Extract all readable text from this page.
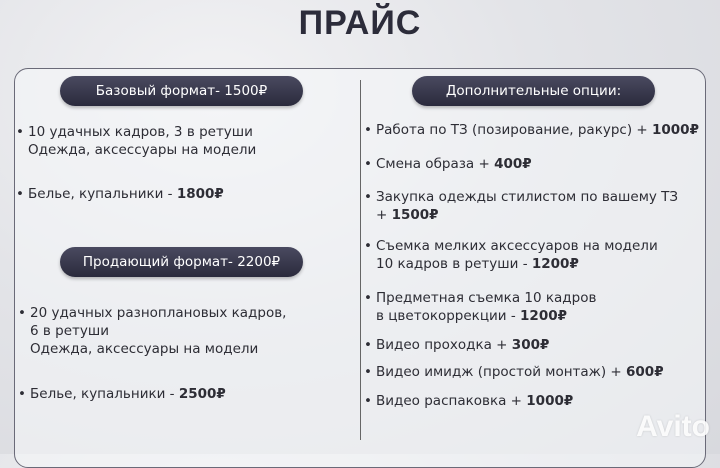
ПРАЙС
Базовый формат- 1500₽
• 10 удачных кадров, 3 в ретуши
Одежда, аксессуары на модели
• Белье, купальники - 1800₽
Продающий формат- 2200₽
• 20 удачных разноплановых кадров,
6 в ретуши
Одежда, аксессуары на модели
• Белье, купальники - 2500₽
Дополнительные опции:
• Работа по ТЗ (позирование, ракурс) + 1000₽
• Смена образа + 400₽
• Закупка одежды стилистом по вашему ТЗ
+ 1500₽
• Съемка мелких аксессуаров на модели
10 кадров в ретуши - 1200₽
• Предметная съемка 10 кадров
в цветокоррекции - 1200₽
• Видео проходка + 300₽
• Видео имидж (простой монтаж) + 600₽
• Видео распаковка + 1000₽
Avito
